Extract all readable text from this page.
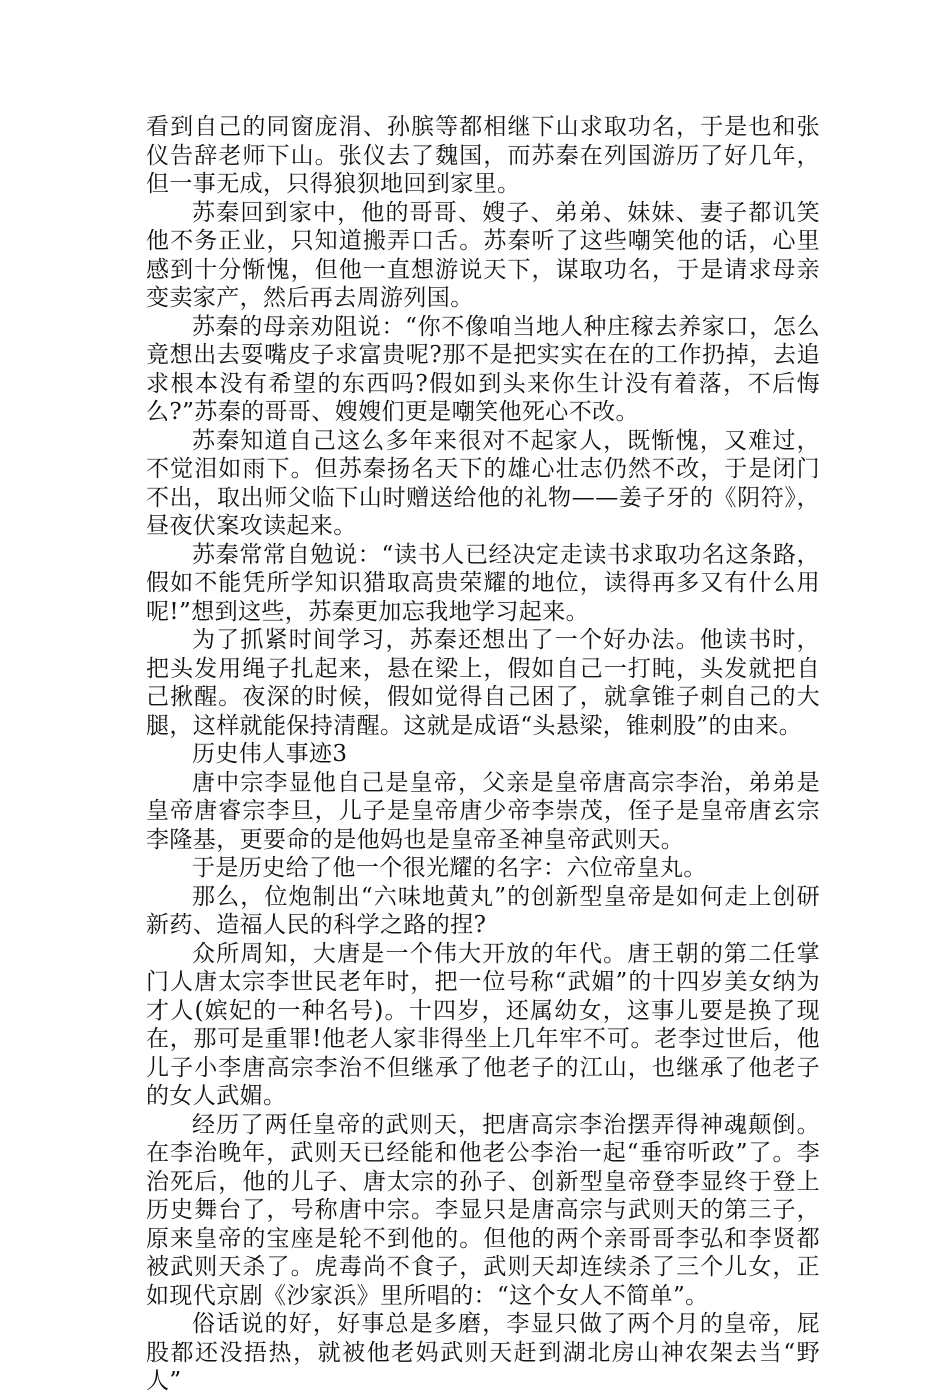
看到自己的同窗庞涓、孙膑等都相继下山求取功名，于是也和张仪告辞老师下山。张仪去了魏国，而苏秦在列国游历了好几年，但一事无成，只得狼狈地回到家里。

苏秦回到家中，他的哥哥、嫂子、弟弟、妹妹、妻子都讥笑他不务正业，只知道搬弄口舌。苏秦听了这些嘲笑他的话，心里感到十分惭愧，但他一直想游说天下，谋取功名，于是请求母亲变卖家产，然后再去周游列国。

苏秦的母亲劝阻说：“你不像咱当地人种庄稼去养家口，怎么竟想出去耍嘴皮子求富贵呢?那不是把实实在在的工作扔掉，去追求根本没有希望的东西吗?假如到头来你生计没有着落，不后悔么?”苏秦的哥哥、嫂嫂们更是嘲笑他死心不改。

苏秦知道自己这么多年来很对不起家人，既惭愧，又难过，不觉泪如雨下。但苏秦扬名天下的雄心壮志仍然不改，于是闭门不出，取出师父临下山时赠送给他的礼物——姜子牙的《阴符》，昼夜伏案攻读起来。

苏秦常常自勉说：“读书人已经决定走读书求取功名这条路，假如不能凭所学知识猎取高贵荣耀的地位，读得再多又有什么用呢!”想到这些，苏秦更加忘我地学习起来。

为了抓紧时间学习，苏秦还想出了一个好办法。他读书时，把头发用绳子扎起来，悬在梁上，假如自己一打盹，头发就把自己揪醒。夜深的时候，假如觉得自己困了，就拿锥子刺自己的大腿，这样就能保持清醒。这就是成语“头悬梁，锥刺股”的由来。

历史伟人事迹3

唐中宗李显他自己是皇帝，父亲是皇帝唐高宗李治，弟弟是皇帝唐睿宗李旦，儿子是皇帝唐少帝李崇茂，侄子是皇帝唐玄宗李隆基，更要命的是他妈也是皇帝圣神皇帝武则天。

于是历史给了他一个很光耀的名字：六位帝皇丸。

那么，位炮制出“六味地黄丸”的创新型皇帝是如何走上创研新药、造福人民的科学之路的捏?

众所周知，大唐是一个伟大开放的年代。唐王朝的第二任掌门人唐太宗李世民老年时，把一位号称“武媚”的十四岁美女纳为才人(嫔妃的一种名号)。十四岁，还属幼女，这事儿要是换了现在，那可是重罪!他老人家非得坐上几年牢不可。老李过世后，他儿子小李唐高宗李治不但继承了他老子的江山，也继承了他老子的女人武媚。

经历了两任皇帝的武则天，把唐高宗李治摆弄得神魂颠倒。在李治晚年，武则天已经能和他老公李治一起“垂帘听政”了。李治死后，他的儿子、唐太宗的孙子、创新型皇帝登李显终于登上历史舞台了，号称唐中宗。李显只是唐高宗与武则天的第三子，原来皇帝的宝座是轮不到他的。但他的两个亲哥哥李弘和李贤都被武则天杀了。虎毒尚不食子，武则天却连续杀了三个儿女，正如现代京剧《沙家浜》里所唱的：“这个女人不简单”。

俗话说的好，好事总是多磨，李显只做了两个月的皇帝，屁股都还没捂热，就被他老妈武则天赶到湖北房山神农架去当“野人”
